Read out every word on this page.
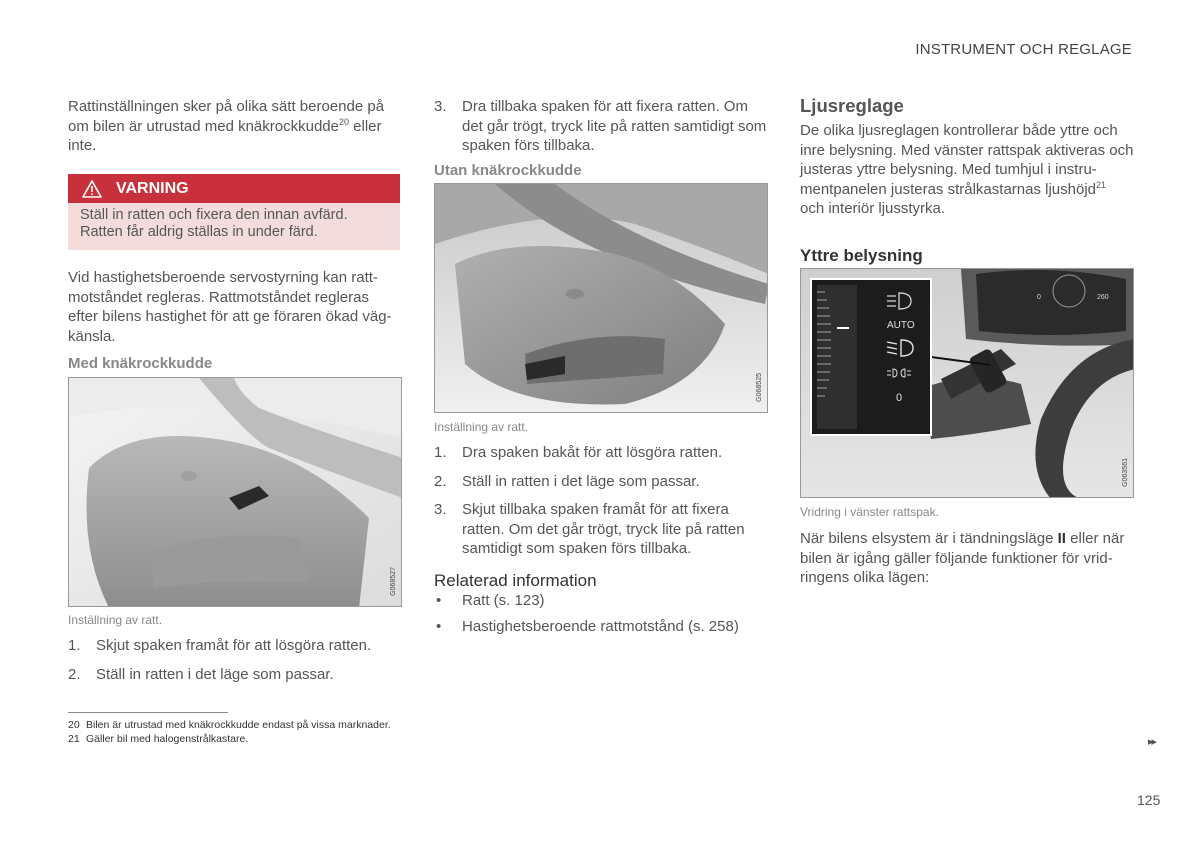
INSTRUMENT OCH REGLAGE
Rattinställningen sker på olika sätt beroende på om bilen är utrustad med knäkrockkudde$^{20}$ eller inte.
VARNING
Ställ in ratten och fixera den innan avfärd. Ratten får aldrig ställas in under färd.
Vid hastighetsberoende servostyrning kan rattmotståndet regleras. Rattmotståndet regleras efter bilens hastighet för att ge föraren ökad vägkänsla.
Med knäkrockkudde
G068527
Inställning av ratt.
1.	Skjut spaken framåt för att lösgöra ratten.
2.	Ställ in ratten i det läge som passar.
3.	Dra tillbaka spaken för att fixera ratten. Om det går trögt, tryck lite på ratten samtidigt som spaken förs tillbaka.
Utan knäkrockkudde
G068525
Inställning av ratt.
1.	Dra spaken bakåt för att lösgöra ratten.
2.	Ställ in ratten i det läge som passar.
3.	Skjut tillbaka spaken framåt för att fixera ratten. Om det går trögt, tryck lite på ratten samtidigt som spaken förs tillbaka.
Relaterad information
•	Ratt (s. 123)
•	Hastighetsberoende rattmotstånd (s. 258)
Ljusreglage
De olika ljusreglagen kontrollerar både yttre och inre belysning. Med vänster rattspak aktiveras och justeras yttre belysning. Med tumhjul i instrumentpanelen justeras strålkastarnas ljushöjd$^{21}$ och interiör ljusstyrka.
Yttre belysning
0	260
AUTO
0
G063561
Vridring i vänster rattspak.
När bilens elsystem är i tändningsläge II eller när bilen är igång gäller följande funktioner för vridringens olika lägen:
20 Bilen är utrustad med knäkrockkudde endast på vissa marknader.
21 Gäller bil med halogenstrålkastare.	▸▸
125
